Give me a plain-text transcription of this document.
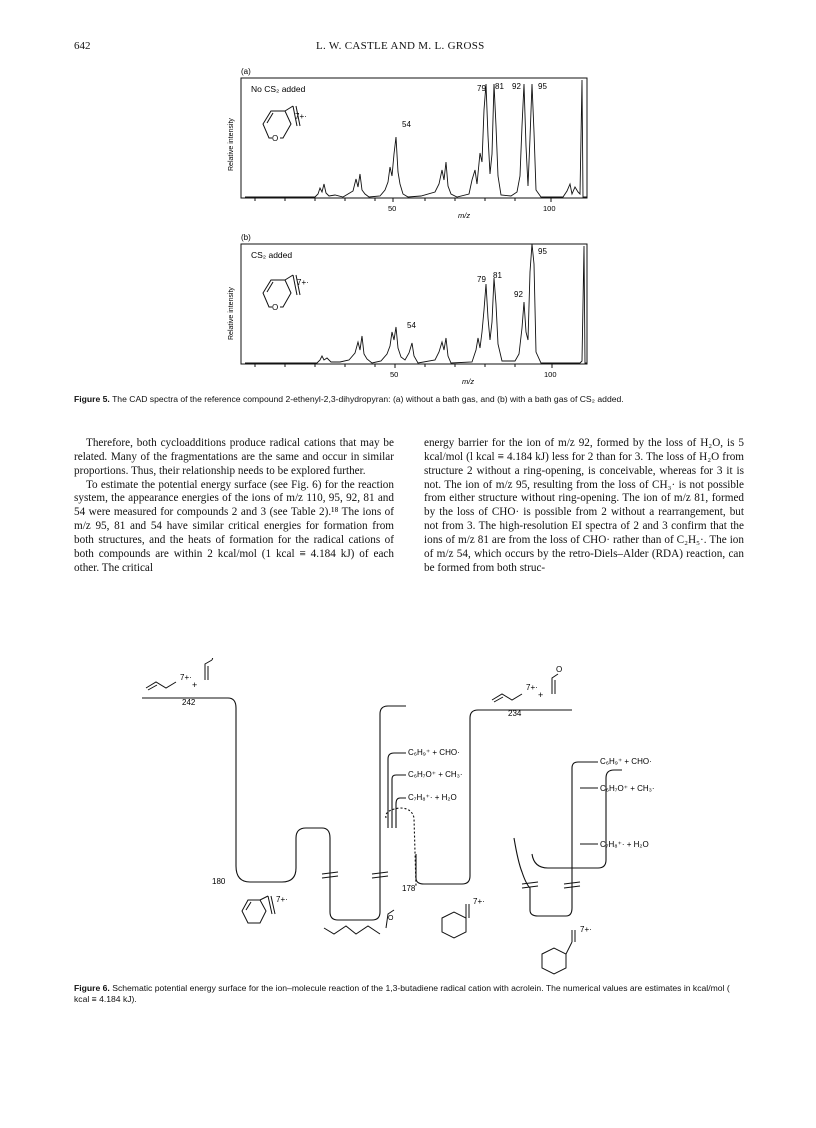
642	L. W. CASTLE AND M. L. GROSS
(a)
No CS₂ added
Relative intensity	O
7+·
50	100
m/z
54
79 81 92 95
(b)
CS₂ added
Relative intensity	O
7+·
50	100
m/z
54
79 81
92
95
Figure 5. The CAD spectra of the reference compound 2-ethenyl-2,3-dihydropyran: (a) without a bath gas, and (b) with a bath gas of CS₂ added.

Therefore, both cycloadditions produce radical cations that may be related. Many of the fragmentations are the same and occur in similar proportions. Thus, their relationship needs to be explored further.

To estimate the potential energy surface (see Fig. 6) for the reaction system, the appearance energies of the ions of m/z 110, 95, 92, 81 and 54 were measured for compounds 2 and 3 (see Table 2).¹⁸ The ions of m/z 95, 81 and 54 have similar critical energies for formation from both structures, and the heats of formation for the radical cations of both compounds are within 2 kcal/mol (1 kcal ≡ 4.184 kJ) of each other. The critical

energy barrier for the ion of m/z 92, formed by the loss of H₂O, is 5 kcal/mol (l kcal ≡ 4.184 kJ) less for 2 than for 3. The loss of H₂O from structure 2 without a ring-opening, is conceivable, whereas for 3 it is not. The ion of m/z 95, resulting from the loss of CH₃· is not possible from either structure without ring-opening. The ion of m/z 81, formed by the loss of CHO· is possible from 2 without a rearrangement, but not from 3. The high-resolution EI spectra of 2 and 3 confirm that the ions of m/z 81 are from the loss of CHO· rather than of C₂H₅·. The ion of m/z 54, which occurs by the retro-Diels–Alder (RDA) reaction, can be formed from both struc-

242
234
180
178
C₆H₉⁺ + CHO·
C₆H₇O⁺ + CH₃·
C₇H₈⁺· + H₂O
C₆H₉⁺ + CHO·
C₆H₇O⁺ + CH₃·
C₇H₈⁺· + H₂O
7+·
+
O
7+·
+
7+·
O
7+·
7+·
Figure 6. Schematic potential energy surface for the ion–molecule reaction of the 1,3-butadiene radical cation with acrolein. The numerical values are estimates in kcal/mol ( kcal ≡ 4.184 kJ).
